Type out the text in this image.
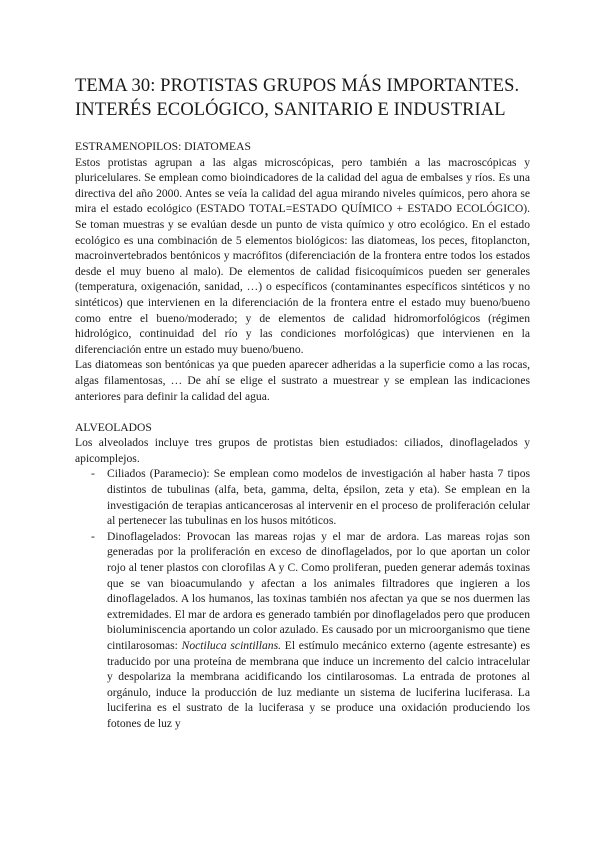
TEMA 30: PROTISTAS GRUPOS MÁS IMPORTANTES.
INTERÉS ECOLÓGICO, SANITARIO E INDUSTRIAL

ESTRAMENOPILOS: DIATOMEAS

Estos protistas agrupan a las algas microscópicas, pero también a las macroscópicas y pluricelulares. Se emplean como bioindicadores de la calidad del agua de embalses y ríos. Es una directiva del año 2000. Antes se veía la calidad del agua mirando niveles químicos, pero ahora se mira el estado ecológico (ESTADO TOTAL=ESTADO QUÍMICO + ESTADO ECOLÓGICO). Se toman muestras y se evalúan desde un punto de vista químico y otro ecológico. En el estado ecológico es una combinación de 5 elementos biológicos: las diatomeas, los peces, fitoplancton, macroinvertebrados bentónicos y macrófitos (diferenciación de la frontera entre todos los estados desde el muy bueno al malo). De elementos de calidad fisicoquímicos pueden ser generales (temperatura, oxigenación, sanidad, …) o específicos (contaminantes específicos sintéticos y no sintéticos) que intervienen en la diferenciación de la frontera entre el estado muy bueno/bueno como entre el bueno/moderado; y de elementos de calidad hidromorfológicos (régimen hidrológico, continuidad del río y las condiciones morfológicas) que intervienen en la diferenciación entre un estado muy bueno/bueno.

Las diatomeas son bentónicas ya que pueden aparecer adheridas a la superficie como a las rocas, algas filamentosas, … De ahí se elige el sustrato a muestrear y se emplean las indicaciones anteriores para definir la calidad del agua.

ALVEOLADOS

Los alveolados incluye tres grupos de protistas bien estudiados: ciliados, dinoflagelados y apicomplejos.

- Ciliados (Paramecio): Se emplean como modelos de investigación al haber hasta 7 tipos distintos de tubulinas (alfa, beta, gamma, delta, épsilon, zeta y eta). Se emplean en la investigación de terapias anticancerosas al intervenir en el proceso de proliferación celular al pertenecer las tubulinas en los husos mitóticos.
- Dinoflagelados: Provocan las mareas rojas y el mar de ardora. Las mareas rojas son generadas por la proliferación en exceso de dinoflagelados, por lo que aportan un color rojo al tener plastos con clorofilas A y C. Como proliferan, pueden generar además toxinas que se van bioacumulando y afectan a los animales filtradores que ingieren a los dinoflagelados. A los humanos, las toxinas también nos afectan ya que se nos duermen las extremidades. El mar de ardora es generado también por dinoflagelados pero que producen bioluminiscencia aportando un color azulado. Es causado por un microorganismo que tiene cintilarosomas: Noctiluca scintillans. El estímulo mecánico externo (agente estresante) es traducido por una proteína de membrana que induce un incremento del calcio intracelular y despolariza la membrana acidificando los cintilarosomas. La entrada de protones al orgánulo, induce la producción de luz mediante un sistema de luciferina luciferasa. La luciferina es el sustrato de la luciferasa y se produce una oxidación produciendo los fotones de luz y
